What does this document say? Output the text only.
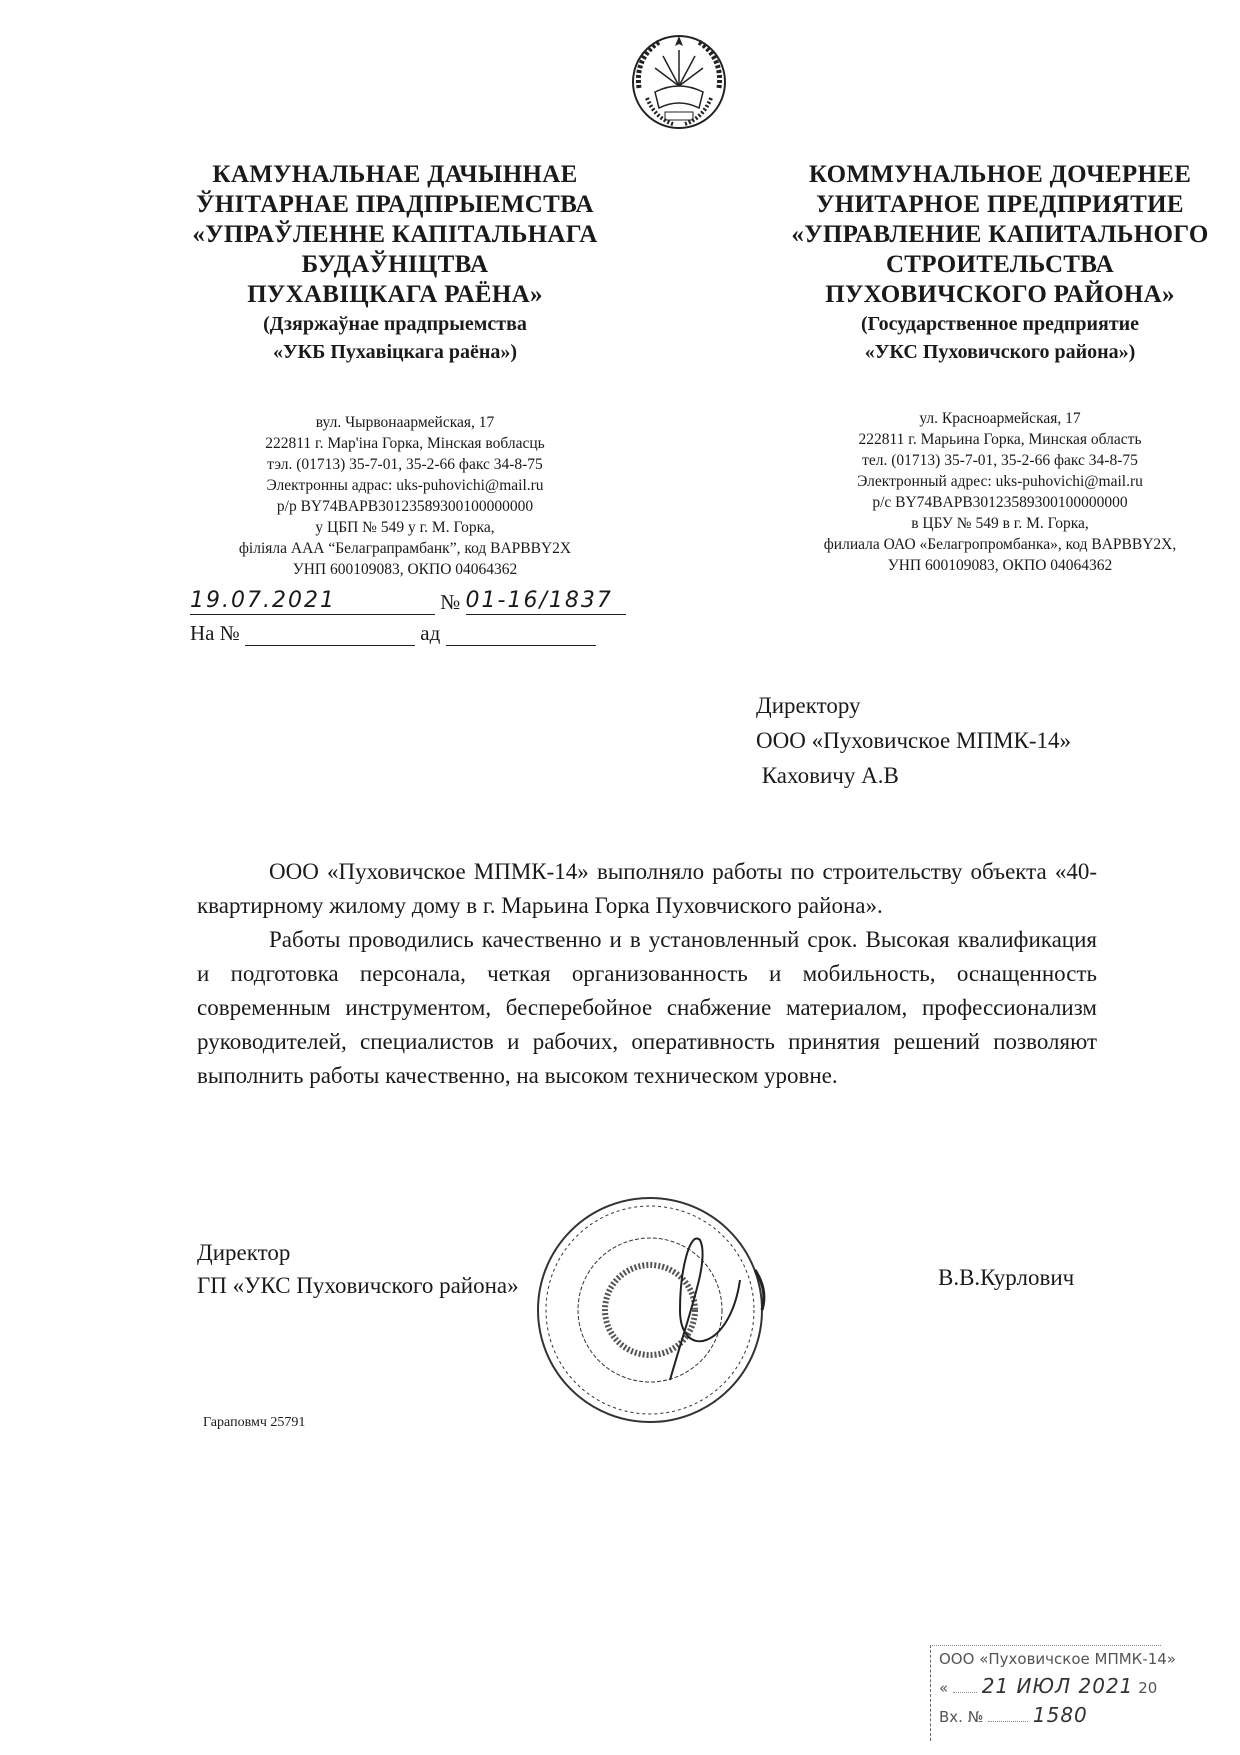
КАМУНАЛЬНАЕ ДАЧЫННАЕ
ЎНІТАРНАЕ ПРАДПРЫЕМСТВА
«УПРАЎЛЕННЕ КАПІТАЛЬНАГА
БУДАЎНІЦТВА
ПУХАВІЦКАГА РАЁНА»
(Дзяржаўнае прадпрыемства
«УКБ Пухавіцкага раёна»)
КОММУНАЛЬНОЕ ДОЧЕРНЕЕ
УНИТАРНОЕ ПРЕДПРИЯТИЕ
«УПРАВЛЕНИЕ КАПИТАЛЬНОГО
СТРОИТЕЛЬСТВА
ПУХОВИЧСКОГО РАЙОНА»
(Государственное предприятие
«УКС Пуховичского района»)
вул. Чырвонаармейская, 17
222811 г. Мар'іна Горка, Мінская вобласць
тэл. (01713) 35-7-01, 35-2-66 факс 34-8-75
Электронны адрас: uks-puhovichi@mail.ru
р/р BY74BAPB30123589300100000000
у ЦБП № 549 у г. М. Горка,
філіяла ААА “Белаграпрамбанк”, код BAPBBY2X
УНП 600109083, ОКПО 04064362
ул. Красноармейская, 17
222811 г. Марьина Горка, Минская область
тел. (01713) 35-7-01, 35-2-66 факс 34-8-75
Электронный адрес: uks-puhovichi@mail.ru
р/с BY74BAPB30123589300100000000
в ЦБУ № 549 в г. М. Горка,
филиала ОАО «Белагропромбанка», код BAPBBY2X,
УНП 600109083, ОКПО 04064362
19.07.2021	№ 01-16/1837
На №	ад
Директору
ООО «Пуховичское МПМК-14»
Каховичу А.В

ООО «Пуховичское МПМК-14» выполняло работы по строительству объекта «40-квартирному жилому дому в г. Марьина Горка Пуховчиского района».

Работы проводились качественно и в установленный срок. Высокая квалификация и подготовка персонала, четкая организованность и мобильность, оснащенность современным инструментом, бесперебойное снабжение материалом, профессионализм руководителей, специалистов и рабочих, оперативность принятия решений позволяют выполнить работы качественно, на высоком техническом уровне.

Директор
ГП «УКС Пуховичского района»	В.В.Курлович
Гарaповмч 25791
ООО «Пуховичское МПМК-14»
« 21 ИЮЛ 2021 20
Вх. № 1580
